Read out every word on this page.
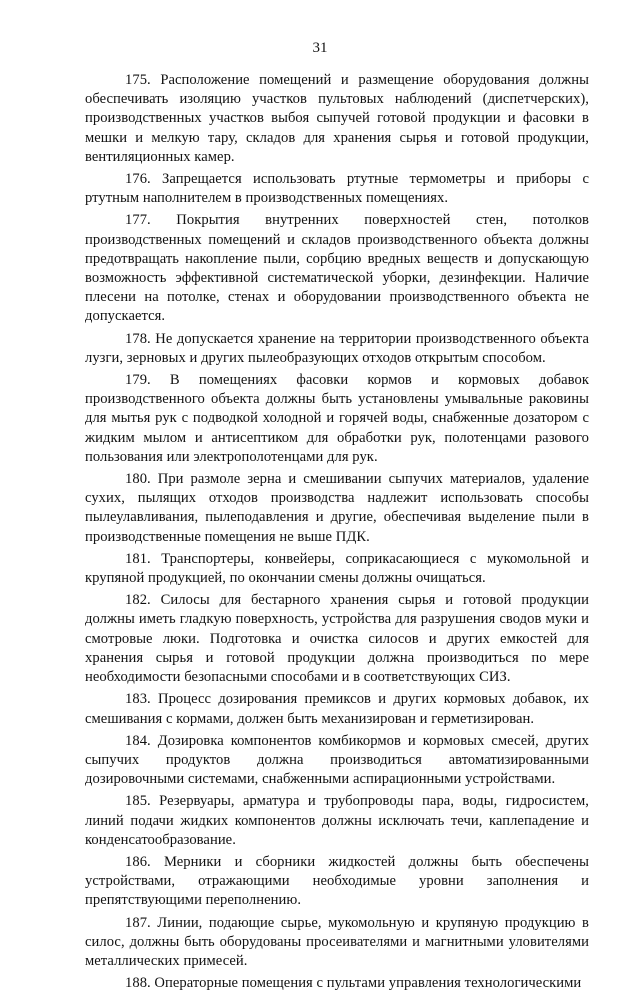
31

175. Расположение помещений и размещение оборудования должны обеспечивать изоляцию участков пультовых наблюдений (диспетчерских), производственных участков выбоя сыпучей готовой продукции и фасовки в мешки и мелкую тару, складов для хранения сырья и готовой продукции, вентиляционных камер.

176. Запрещается использовать ртутные термометры и приборы с ртутным наполнителем в производственных помещениях.

177. Покрытия внутренних поверхностей стен, потолков производственных помещений и складов производственного объекта должны предотвращать накопление пыли, сорбцию вредных веществ и допускающую возможность эффективной систематической уборки, дезинфекции. Наличие плесени на потолке, стенах и оборудовании производственного объекта не допускается.

178. Не допускается хранение на территории производственного объекта лузги, зерновых и других пылеобразующих отходов открытым способом.

179. В помещениях фасовки кормов и кормовых добавок производственного объекта должны быть установлены умывальные раковины для мытья рук с подводкой холодной и горячей воды, снабженные дозатором с жидким мылом и антисептиком для обработки рук, полотенцами разового пользования или электрополотенцами для рук.

180. При размоле зерна и смешивании сыпучих материалов, удаление сухих, пылящих отходов производства надлежит использовать способы пылеулавливания, пылеподавления и другие, обеспечивая выделение пыли в производственные помещения не выше ПДК.

181. Транспортеры, конвейеры, соприкасающиеся с мукомольной и крупяной продукцией, по окончании смены должны очищаться.

182. Силосы для бестарного хранения сырья и готовой продукции должны иметь гладкую поверхность, устройства для разрушения сводов муки и смотровые люки. Подготовка и очистка силосов и других емкостей для хранения сырья и готовой продукции должна производиться по мере необходимости безопасными способами и в соответствующих СИЗ.

183. Процесс дозирования премиксов и других кормовых добавок, их смешивания с кормами, должен быть механизирован и герметизирован.

184. Дозировка компонентов комбикормов и кормовых смесей, других сыпучих продуктов должна производиться автоматизированными дозировочными системами, снабженными аспирационными устройствами.

185. Резервуары, арматура и трубопроводы пара, воды, гидросистем, линий подачи жидких компонентов должны исключать течи, каплепадение и конденсатообразование.

186. Мерники и сборники жидкостей должны быть обеспечены устройствами, отражающими необходимые уровни заполнения и препятствующими переполнению.

187. Линии, подающие сырье, мукомольную и крупяную продукцию в силос, должны быть оборудованы просеивателями и магнитными уловителями металлических примесей.

188. Операторные помещения с пультами управления технологическими
